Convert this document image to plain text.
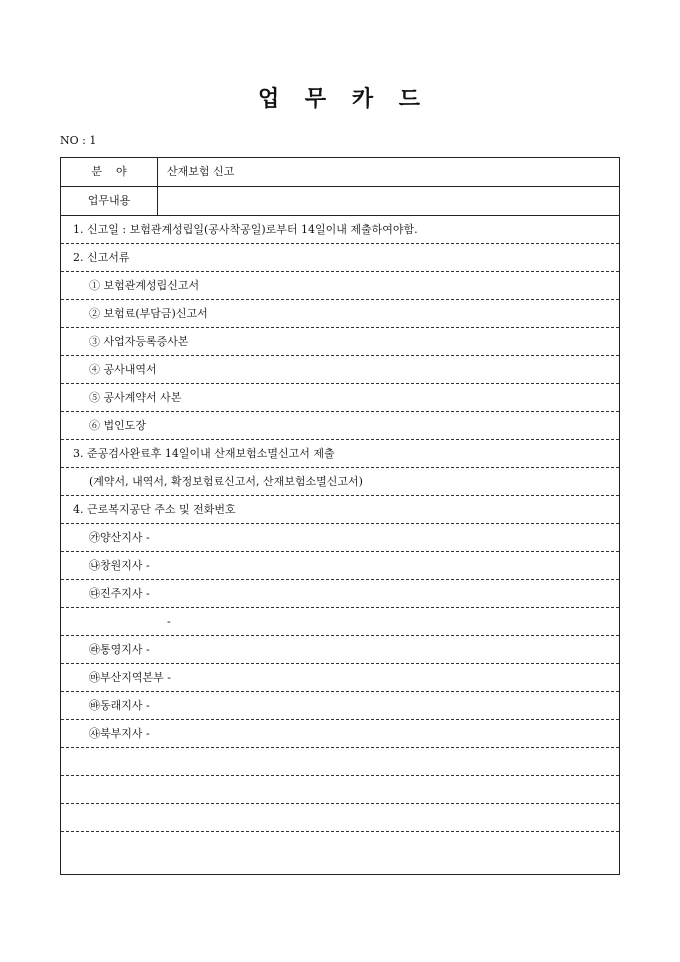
업 무 카 드
NO : 1
분    야	산재보험 신고
업무내용
1. 신고일 : 보험관계성립일(공사착공일)로부터 14일이내 제출하여야함.
2. 신고서류
① 보험관계성립신고서
② 보험료(부담금)신고서
③ 사업자등록증사본
④ 공사내역서
⑤ 공사계약서 사본
⑥ 법인도장
3. 준공검사완료후 14일이내 산재보험소멸신고서 제출
(계약서, 내역서, 확정보험료신고서, 산재보험소멸신고서)
4. 근로복지공단 주소 및 전화번호
㉮양산지사 -
㉯창원지사 -
㉰진주지사 -
-
㉱통영지사 -
㉲부산지역본부 -
㉳동래지사 -
㉴북부지사 -
